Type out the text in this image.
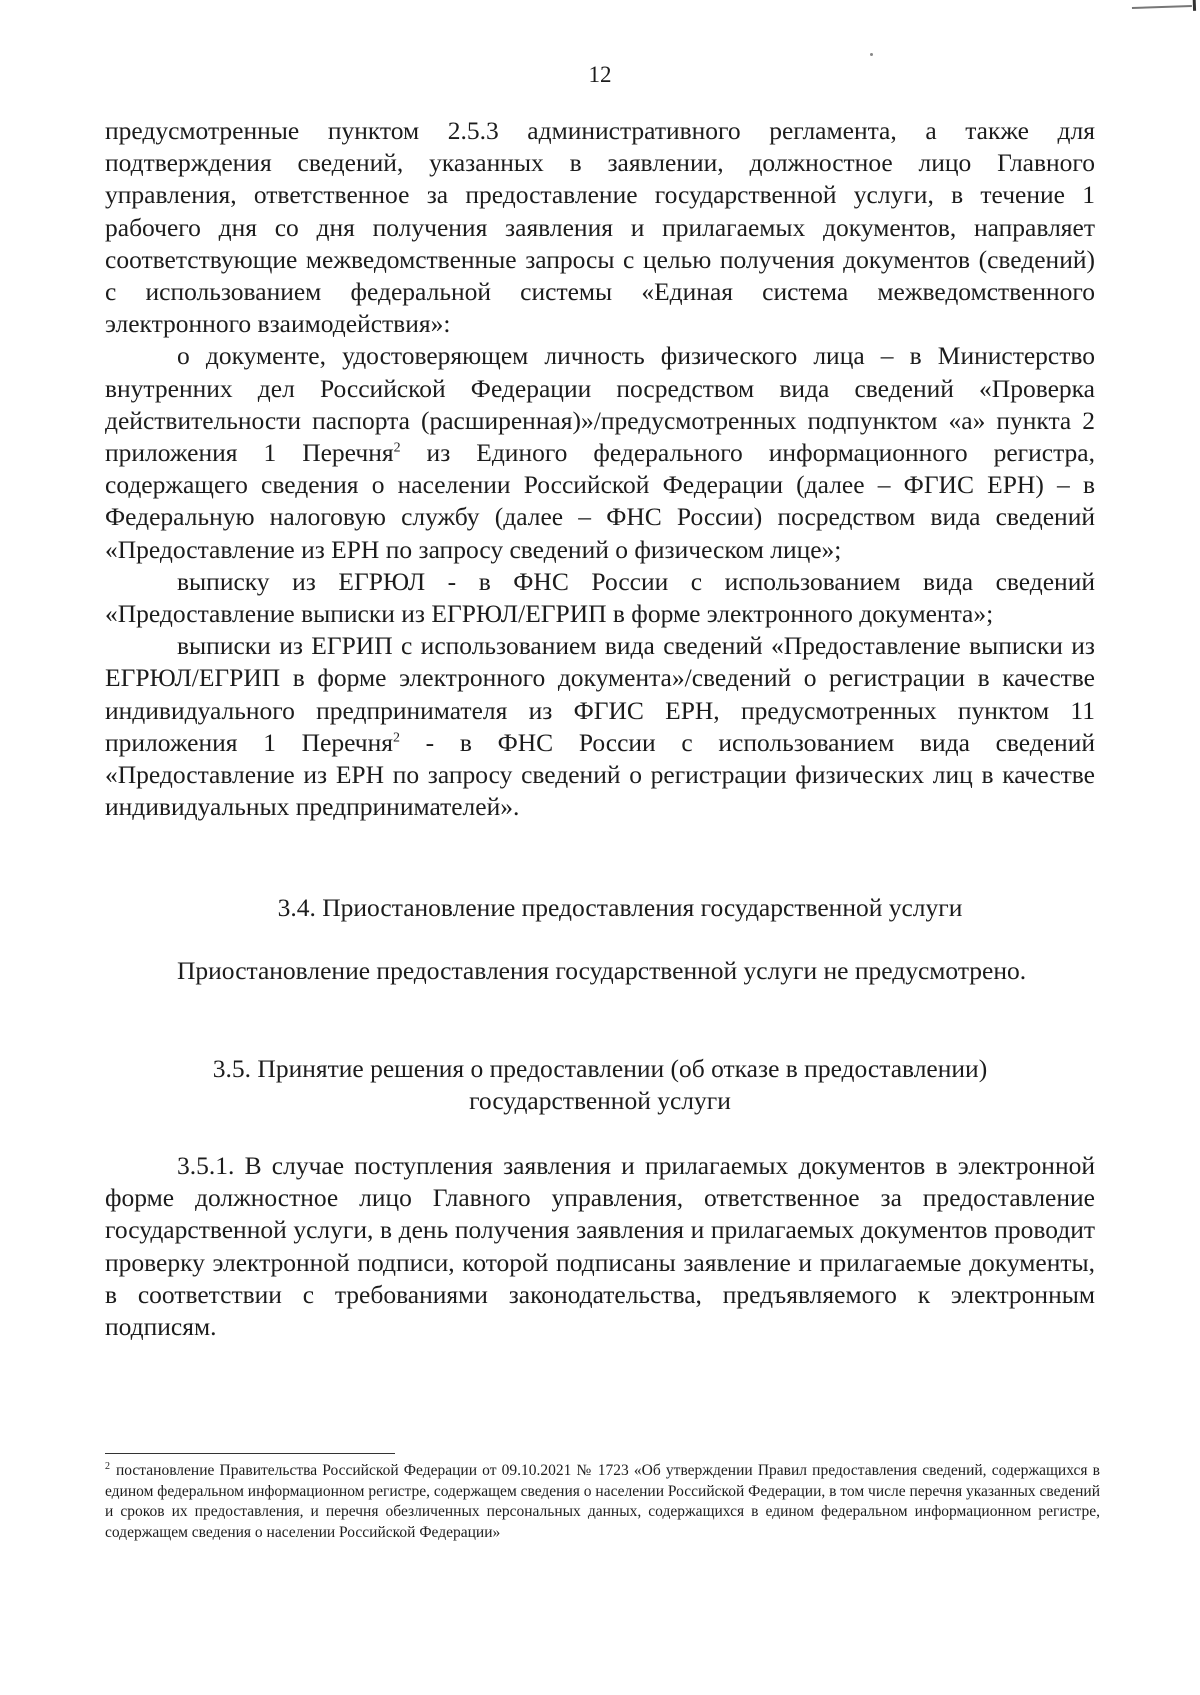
12

предусмотренные пунктом 2.5.3 административного регламента, а также для подтверждения сведений, указанных в заявлении, должностное лицо Главного управления, ответственное за предоставление государственной услуги, в течение 1 рабочего дня со дня получения заявления и прилагаемых документов, направляет соответствующие межведомственные запросы с целью получения документов (сведений) с использованием федеральной системы «Единая система межведомственного электронного взаимодействия»:

о документе, удостоверяющем личность физического лица – в Министерство внутренних дел Российской Федерации посредством вида сведений «Проверка действительности паспорта (расширенная)»/предусмотренных подпунктом «а» пункта 2 приложения 1 Перечня$^2$ из Единого федерального информационного регистра, содержащего сведения о населении Российской Федерации (далее – ФГИС ЕРН) – в Федеральную налоговую службу (далее – ФНС России) посредством вида сведений «Предоставление из ЕРН по запросу сведений о физическом лице»;

выписку из ЕГРЮЛ - в ФНС России с использованием вида сведений «Предоставление выписки из ЕГРЮЛ/ЕГРИП в форме электронного документа»;

выписки из ЕГРИП с использованием вида сведений «Предоставление выписки из ЕГРЮЛ/ЕГРИП в форме электронного документа»/сведений о регистрации в качестве индивидуального предпринимателя из ФГИС ЕРН, предусмотренных пунктом 11 приложения 1 Перечня$^2$ - в ФНС России с использованием вида сведений «Предоставление из ЕРН по запросу сведений о регистрации физических лиц в качестве индивидуальных предпринимателей».

3.4. Приостановление предоставления государственной услуги

Приостановление предоставления государственной услуги не предусмотрено.

3.5. Принятие решения о предоставлении (об отказе в предоставлении)
государственной услуги

3.5.1. В случае поступления заявления и прилагаемых документов в электронной форме должностное лицо Главного управления, ответственное за предоставление государственной услуги, в день получения заявления и прилагаемых документов проводит проверку электронной подписи, которой подписаны заявление и прилагаемые документы, в соответствии с требованиями законодательства, предъявляемого к электронным подписям.

$^2$ постановление Правительства Российской Федерации от 09.10.2021 № 1723 «Об утверждении Правил предоставления сведений, содержащихся в едином федеральном информационном регистре, содержащем сведения о населении Российской Федерации, в том числе перечня указанных сведений и сроков их предоставления, и перечня обезличенных персональных данных, содержащихся в едином федеральном информационном регистре, содержащем сведения о населении Российской Федерации»
